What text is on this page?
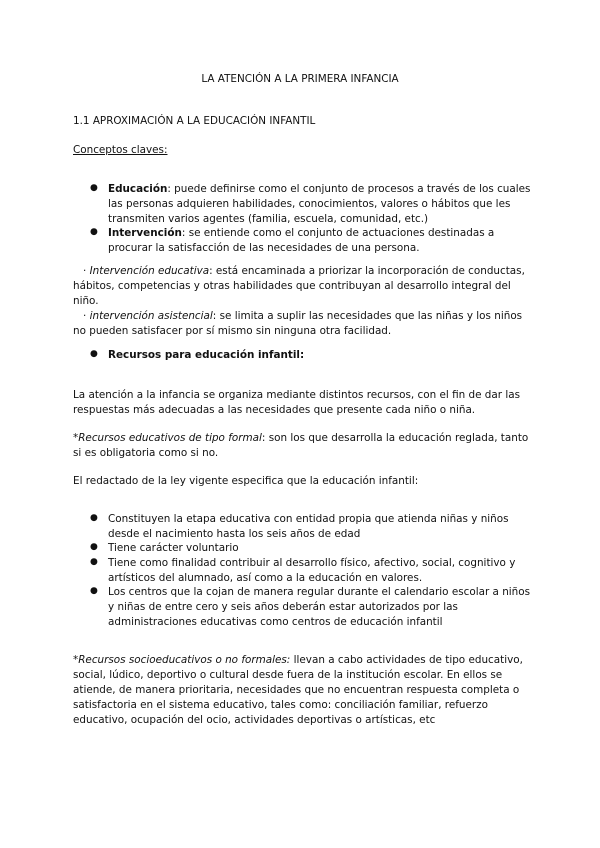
LA ATENCIÓN A LA PRIMERA INFANCIA
1.1 APROXIMACIÓN A LA EDUCACIÓN INFANTIL
Conceptos claves:
● Educación: puede definirse como el conjunto de procesos a través de los cuales las personas adquieren habilidades, conocimientos, valores o hábitos que les transmiten varios agentes (familia, escuela, comunidad, etc.)
● Intervención: se entiende como el conjunto de actuaciones destinadas a procurar la satisfacción de las necesidades de una persona.
· Intervención educativa: está encaminada a priorizar la incorporación de conductas, hábitos, competencias y otras habilidades que contribuyan al desarrollo integral del niño.
· intervención asistencial: se limita a suplir las necesidades que las niñas y los niños no pueden satisfacer por sí mismo sin ninguna otra facilidad.
● Recursos para educación infantil:
La atención a la infancia se organiza mediante distintos recursos, con el fin de dar las respuestas más adecuadas a las necesidades que presente cada niño o niña.
*Recursos educativos de tipo formal: son los que desarrolla la educación reglada, tanto si es obligatoria como si no.
El redactado de la ley vigente especifica que la educación infantil:
● Constituyen la etapa educativa con entidad propia que atienda niñas y niños desde el nacimiento hasta los seis años de edad
● Tiene carácter voluntario
● Tiene como finalidad contribuir al desarrollo físico, afectivo, social, cognitivo y artísticos del alumnado, así como a la educación en valores.
● Los centros que la cojan de manera regular durante el calendario escolar a niños y niñas de entre cero y seis años deberán estar autorizados por las administraciones educativas como centros de educación infantil
*Recursos socioeducativos o no formales: llevan a cabo actividades de tipo educativo, social, lúdico, deportivo o cultural desde fuera de la institución escolar. En ellos se atiende, de manera prioritaria, necesidades que no encuentran respuesta completa o satisfactoria en el sistema educativo, tales como: conciliación familiar, refuerzo educativo, ocupación del ocio, actividades deportivas o artísticas, etc
